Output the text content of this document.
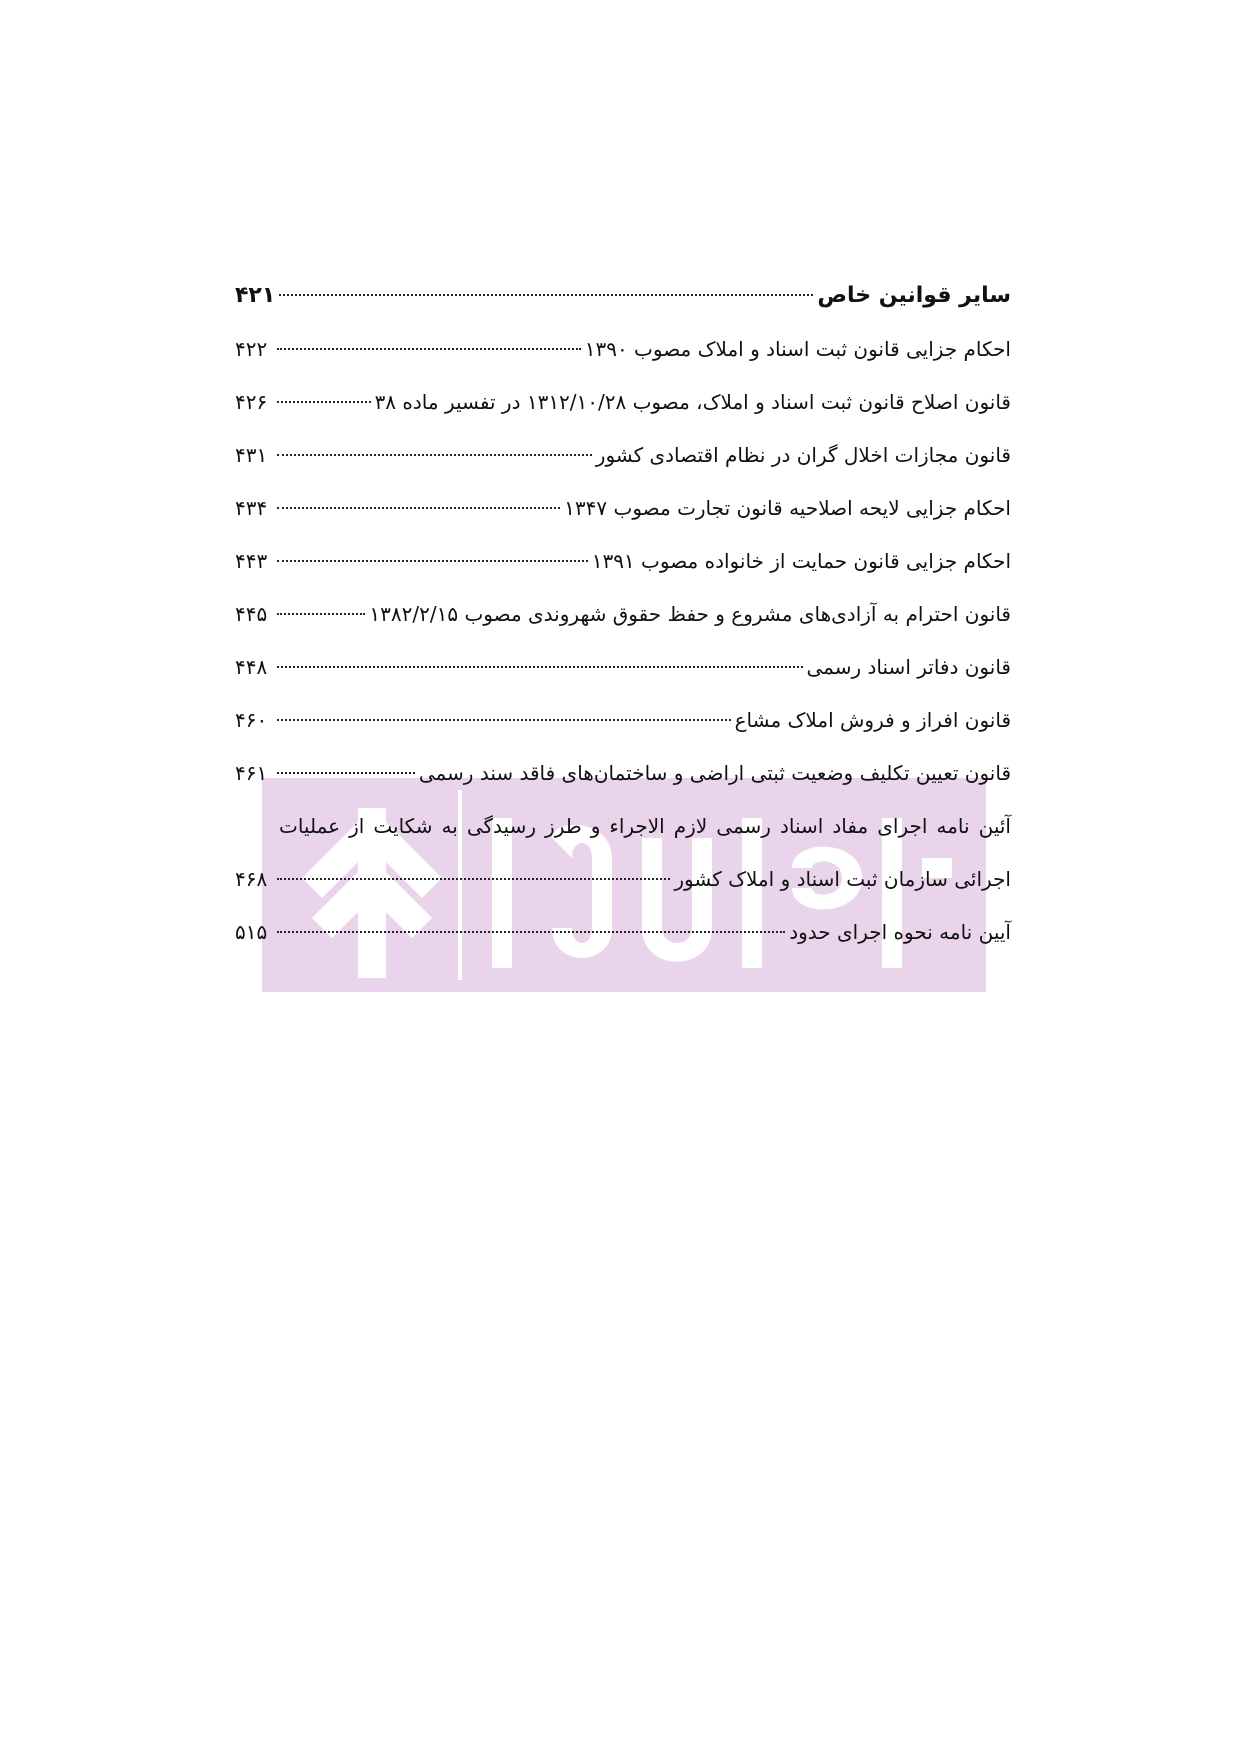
سایر قوانین خاص
۴۲۱
احکام جزایی قانون ثبت اسناد و املاک مصوب ۱۳۹۰
۴۲۲
قانون اصلاح قانون ثبت اسناد و املاک، مصوب ۱۳۱۲/۱۰/۲۸ در تفسیر ماده ۳۸
۴۲۶
قانون مجازات اخلال گران در نظام اقتصادی کشور
۴۳۱
احکام جزایی لایحه اصلاحیه قانون تجارت مصوب ۱۳۴۷
۴۳۴
احکام جزایی قانون حمایت از خانواده مصوب ۱۳۹۱
۴۴۳
قانون احترام به آزادی‌های مشروع و حفظ حقوق شهروندی مصوب ۱۳۸۲/۲/۱۵
۴۴۵
قانون دفاتر اسناد رسمی
۴۴۸
قانون افراز و فروش املاک مشاع
۴۶۰
قانون تعیین تکلیف وضعیت ثبتی اراضی و ساختمان‌های فاقد سند رسمی
۴۶۱
آئین نامه اجرای مفاد اسناد رسمی لازم الاجراء و طرز رسیدگی به شکایت از عملیات
اجرائی سازمان ثبت اسناد و املاک کشور
۴۶۸
آیین نامه نحوه اجرای حدود
۵۱۵
